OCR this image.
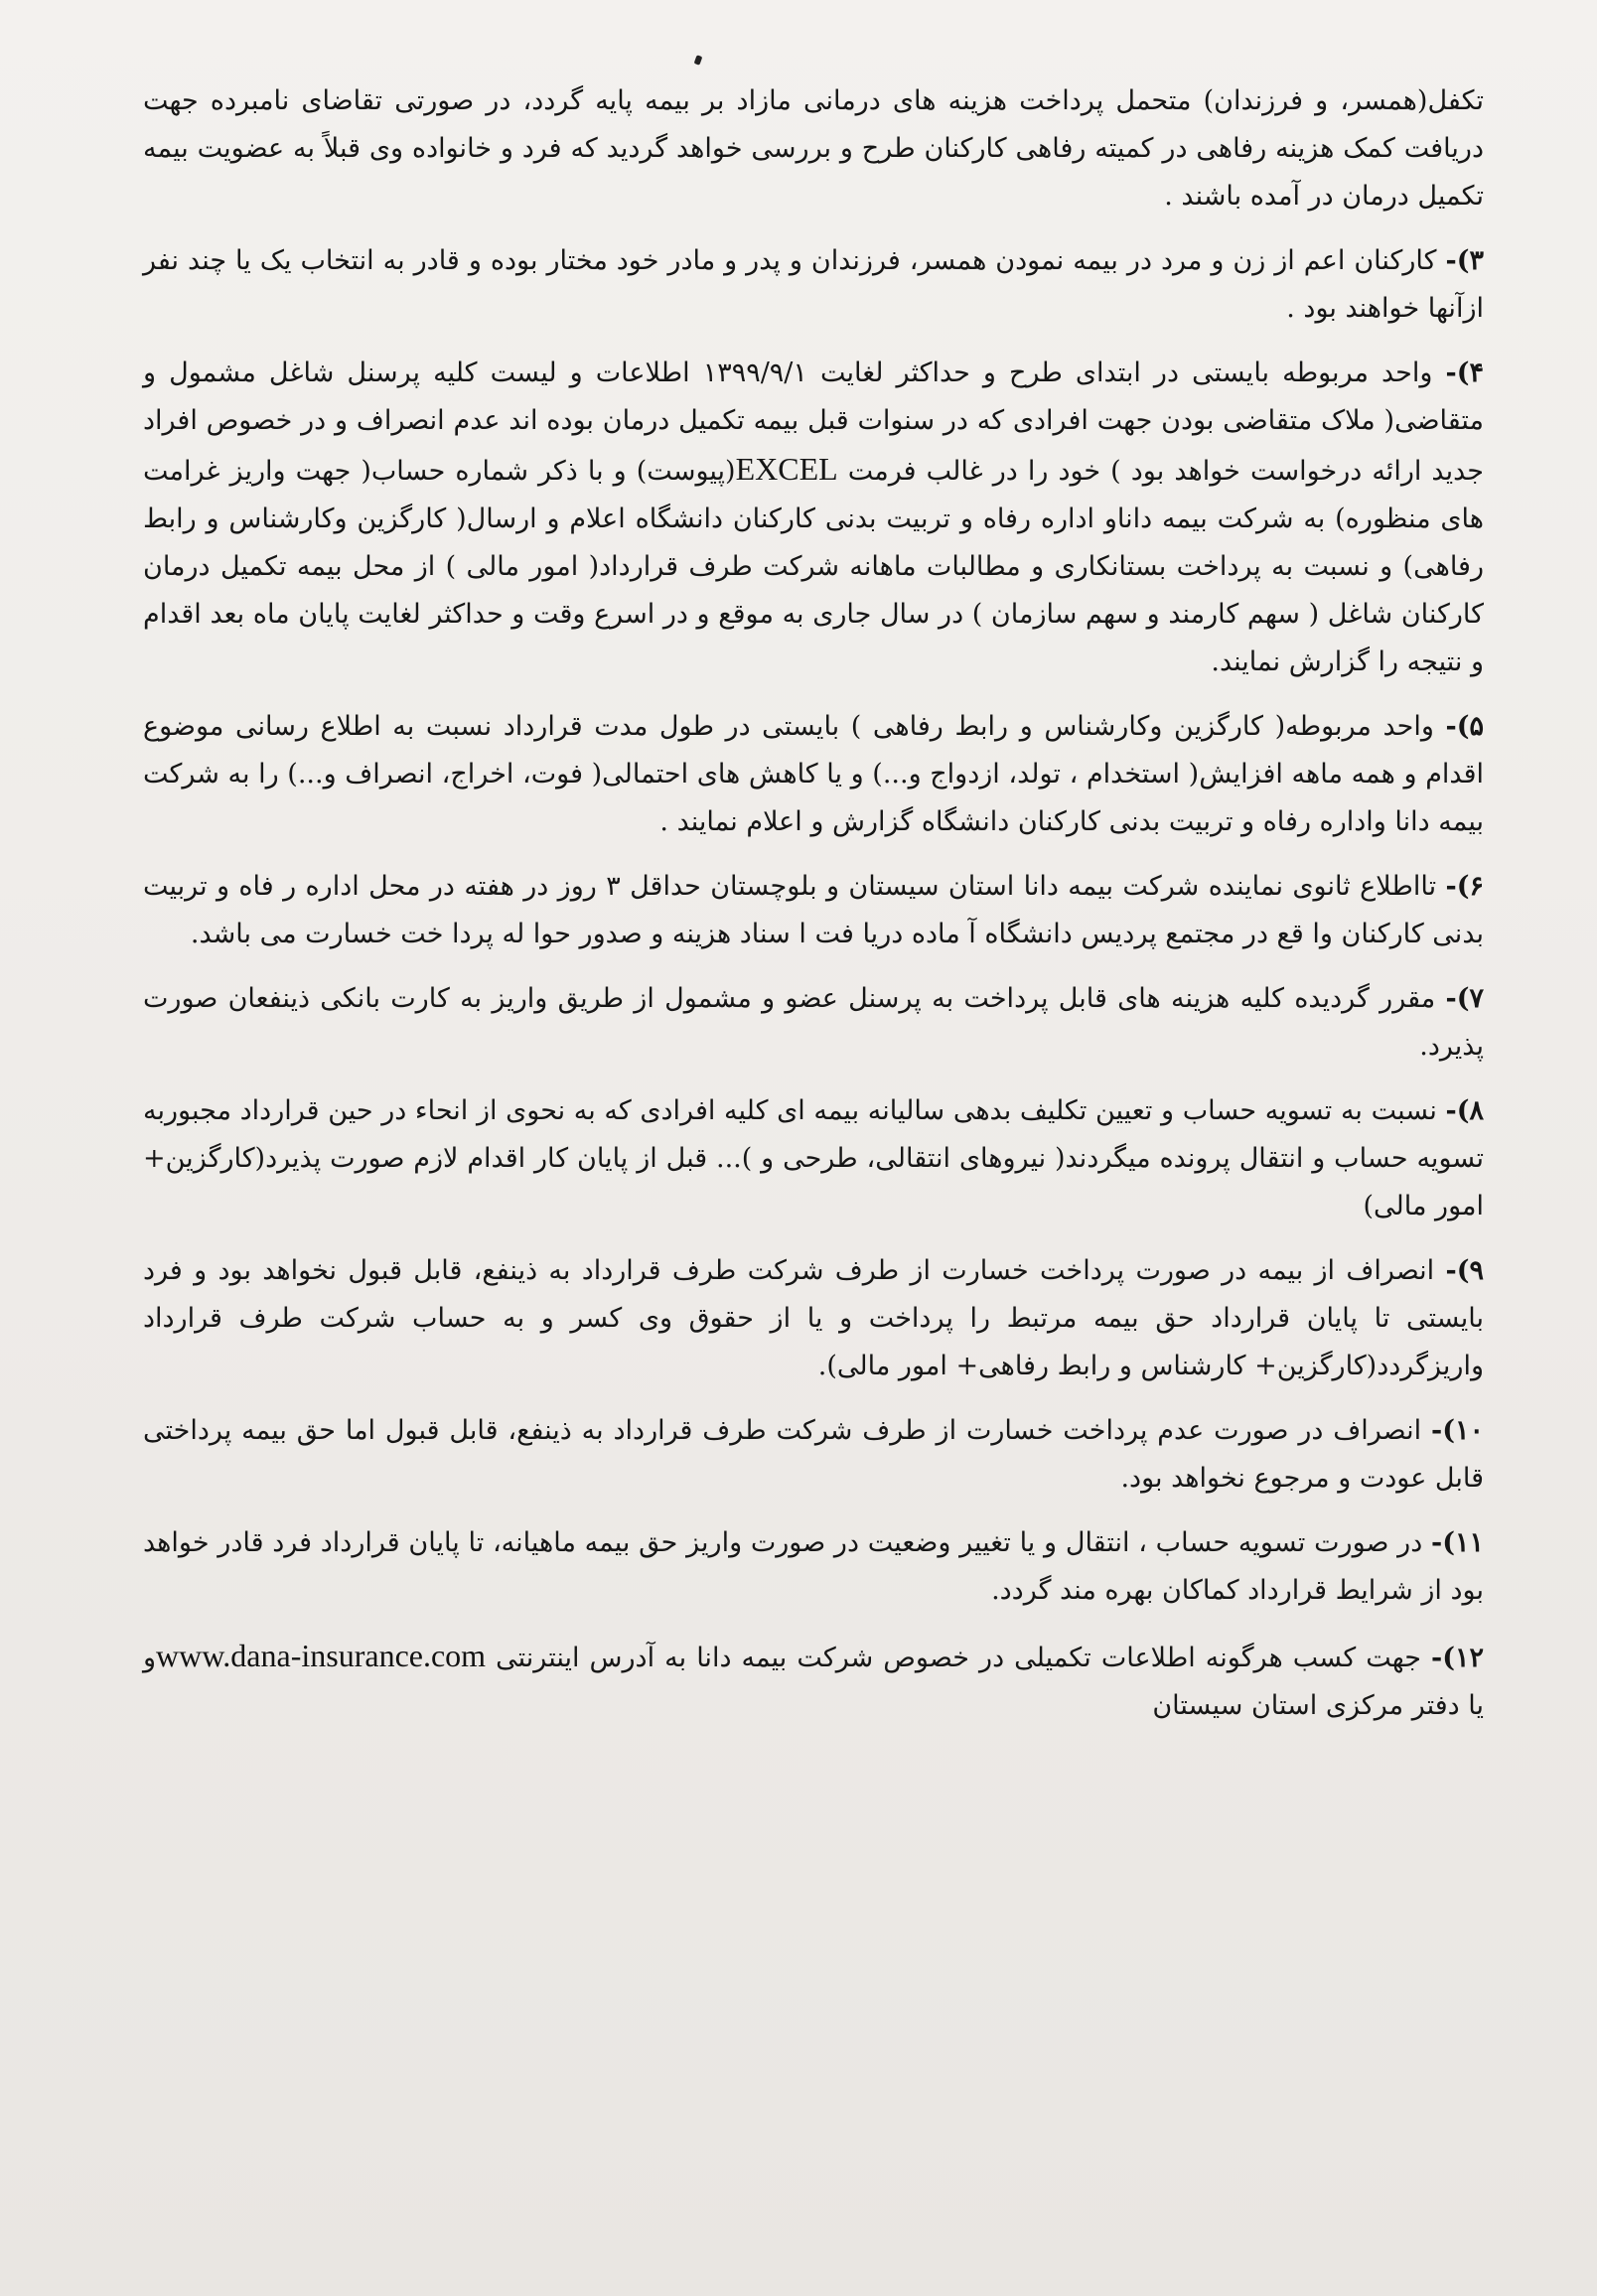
تکفل(همسر، و فرزندان) متحمل پرداخت هزینه های درمانی مازاد بر بیمه پایه گردد، در صورتی تقاضای نامبرده جهت دریافت کمک هزینه رفاهی در کمیته رفاهی کارکنان طرح و بررسی خواهد گردید که فرد و خانواده وی قبلاً به عضویت بیمه تکمیل درمان در آمده باشند .

۳)- کارکنان اعم از زن و مرد در بیمه نمودن همسر، فرزندان و پدر و مادر خود مختار بوده و قادر به انتخاب یک یا چند نفر ازآنها خواهند بود .

۴)- واحد مربوطه بایستی در ابتدای طرح و حداکثر لغایت ۱۳۹۹/۹/۱ اطلاعات و لیست کلیه پرسنل شاغل مشمول و متقاضی( ملاک متقاضی بودن جهت افرادی که در سنوات قبل بیمه تکمیل درمان بوده اند عدم انصراف و در خصوص افراد جدید ارائه درخواست خواهد بود ) خود را در غالب فرمت EXCEL(پیوست) و با ذکر شماره حساب( جهت واریز غرامت های منظوره) به شرکت بیمه داناو اداره رفاه و تربیت بدنی کارکنان دانشگاه اعلام و ارسال( کارگزین وکارشناس و رابط رفاهی) و نسبت به پرداخت بستانکاری و مطالبات ماهانه شرکت طرف قرارداد( امور مالی ) از محل بیمه تکمیل درمان کارکنان شاغل ( سهم کارمند و سهم سازمان ) در سال جاری به موقع و در اسرع وقت و حداکثر لغایت پایان ماه بعد اقدام و نتیجه را گزارش نمایند.

۵)- واحد مربوطه( کارگزین وکارشناس و رابط رفاهی ) بایستی در طول مدت قرارداد نسبت به اطلاع رسانی موضوع اقدام و همه ماهه افزایش( استخدام ، تولد، ازدواج و...) و یا کاهش های احتمالی( فوت، اخراج، انصراف و...) را به شرکت بیمه دانا واداره رفاه و تربیت بدنی کارکنان دانشگاه گزارش و اعلام نمایند .

۶)- تااطلاع ثانوی نماینده شرکت بیمه دانا استان سیستان و بلوچستان حداقل ۳ روز در هفته در محل اداره ر فاه و تربیت بدنی کارکنان وا قع در مجتمع پردیس دانشگاه آ ماده دریا فت ا سناد هزینه و صدور حوا له پردا خت خسارت می باشد.

۷)- مقرر گردیده کلیه هزینه های قابل پرداخت به پرسنل عضو و مشمول از طریق واریز به کارت بانکی ذینفعان صورت پذیرد.

۸)- نسبت به تسویه حساب و تعیین تکلیف بدهی سالیانه بیمه ای کلیه افرادی که به نحوی از انحاء در حین قرارداد مجبوربه تسویه حساب و انتقال پرونده میگردند( نیروهای انتقالی، طرحی و )... قبل از پایان کار اقدام لازم صورت پذیرد(کارگزین+ امور مالی)

۹)- انصراف از بیمه در صورت پرداخت خسارت از طرف شرکت طرف قرارداد به ذینفع، قابل قبول نخواهد بود و فرد بایستی تا پایان قرارداد حق بیمه مرتبط را پرداخت و یا از حقوق وی کسر و به حساب شرکت طرف قرارداد واریزگردد(کارگزین+ کارشناس و رابط رفاهی+ امور مالی).

۱۰)- انصراف در صورت عدم پرداخت خسارت از طرف شرکت طرف قرارداد به ذینفع، قابل قبول اما حق بیمه پرداختی قابل عودت و مرجوع نخواهد بود.

۱۱)- در صورت تسویه حساب ، انتقال و یا تغییر وضعیت در صورت واریز حق بیمه ماهیانه، تا پایان قرارداد فرد قادر خواهد بود از شرایط قرارداد کماکان بهره مند گردد.

۱۲)- جهت کسب هرگونه اطلاعات تکمیلی در خصوص شرکت بیمه دانا به آدرس اینترنتی www.dana-insurance.comو یا دفتر مرکزی استان سیستان
